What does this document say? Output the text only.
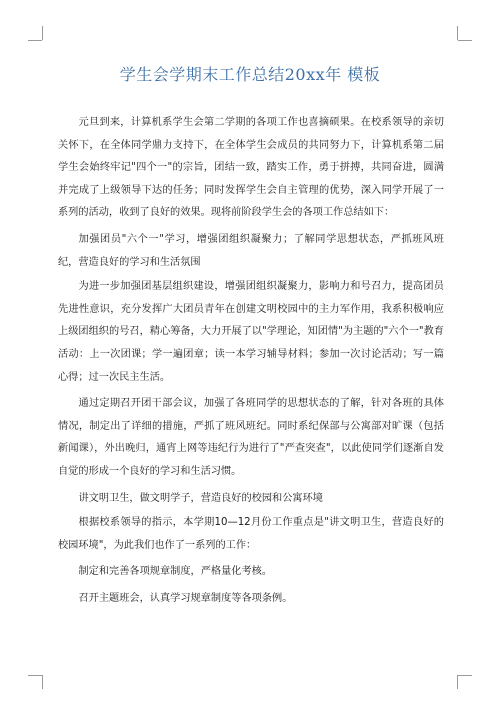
学生会学期末工作总结20xx年 模板

元旦到来，计算机系学生会第二学期的各项工作也喜摘硕果。在校系领导的亲切关怀下，在全体同学鼎力支持下，在全体学生会成员的共同努力下，计算机系第二届学生会始终牢记"四个一"的宗旨，团结一致，踏实工作，勇于拼搏，共同奋进，圆满并完成了上级领导下达的任务；同时发挥学生会自主管理的优势，深入同学开展了一系列的活动，收到了良好的效果。现将前阶段学生会的各项工作总结如下：

加强团员"六个一"学习，增强团组织凝聚力；了解同学思想状态，严抓班风班纪，营造良好的学习和生活氛围

为进一步加强团基层组织建设，增强团组织凝聚力，影响力和号召力，提高团员先进性意识，充分发挥广大团员青年在创建文明校园中的主力军作用，我系积极响应上级团组织的号召，精心筹备，大力开展了以"学理论，知团情"为主题的"六个一"教育活动：上一次团课；学一遍团章；读一本学习辅导材料；参加一次讨论活动；写一篇心得；过一次民主生活。

通过定期召开团干部会议，加强了各班同学的思想状态的了解，针对各班的具体情况，制定出了详细的措施，严抓了班风班纪。同时系纪保部与公寓部对旷课（包括新闻课），外出晚归，通宵上网等违纪行为进行了"严查突查"，以此使同学们逐渐自发自觉的形成一个良好的学习和生活习惯。

讲文明卫生，做文明学子，营造良好的校园和公寓环境

根据校系领导的指示，本学期10—12月份工作重点是"讲文明卫生，营造良好的校园环境"，为此我们也作了一系列的工作：

制定和完善各项规章制度，严格量化考核。

召开主题班会，认真学习规章制度等各项条例。
